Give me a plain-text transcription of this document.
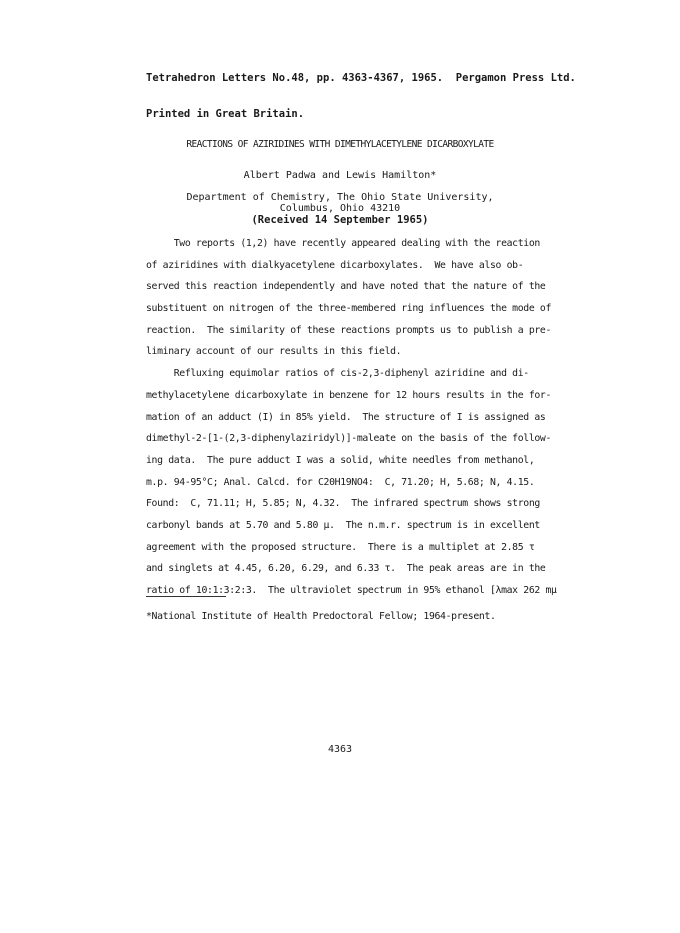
Tetrahedron Letters No.48, pp. 4363-4367, 1965.  Pergamon Press Ltd.

Printed in Great Britain.

REACTIONS OF AZIRIDINES WITH DIMETHYLACETYLENE DICARBOXYLATE
Albert Padwa and Lewis Hamilton*
Department of Chemistry, The Ohio State University,
Columbus, Ohio 43210
(Received 14 September 1965)
Two reports (1,2) have recently appeared dealing with the reaction
of aziridines with dialkyacetylene dicarboxylates.  We have also ob-
served this reaction independently and have noted that the nature of the
substituent on nitrogen of the three-membered ring influences the mode of
reaction.  The similarity of these reactions prompts us to publish a pre-
liminary account of our results in this field.
Refluxing equimolar ratios of cis-2,3-diphenyl aziridine and di-
methylacetylene dicarboxylate in benzene for 12 hours results in the for-
mation of an adduct (I) in 85% yield.  The structure of I is assigned as
dimethyl-2-[1-(2,3-diphenylaziridyl)]-maleate on the basis of the follow-
ing data.  The pure adduct I was a solid, white needles from methanol,
m.p. 94-95°C; Anal. Calcd. for C20H19NO4:  C, 71.20; H, 5.68; N, 4.15.
Found:  C, 71.11; H, 5.85; N, 4.32.  The infrared spectrum shows strong
carbonyl bands at 5.70 and 5.80 μ.  The n.m.r. spectrum is in excellent
agreement with the proposed structure.  There is a multiplet at 2.85 τ
and singlets at 4.45, 6.20, 6.29, and 6.33 τ.  The peak areas are in the
ratio of 10:1:3:2:3.  The ultraviolet spectrum in 95% ethanol [λmax 262 mμ
*National Institute of Health Predoctoral Fellow; 1964-present.
4363
